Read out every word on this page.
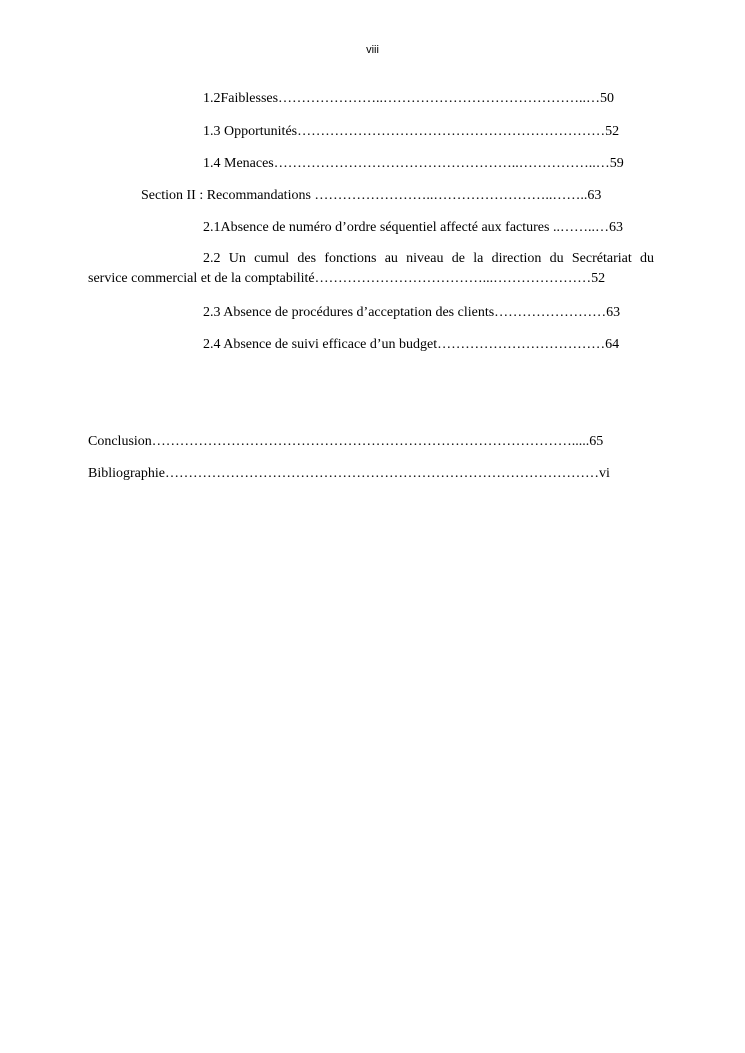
viii
1.2Faiblesses…………………..……………………………………..…50
1.3 Opportunités…………………………………………………………52
1.4 Menaces……………………………………………..……………..…59
Section II : Recommandations ……………………..……………………..……..63
2.1Absence de numéro d’ordre séquentiel affecté aux factures ..……..…63
2.2 Un cumul des fonctions au niveau de la direction du Secrétariat du
service commercial et de la comptabilité………………………………...…………………52
2.3 Absence de procédures d’acceptation des clients……………………63
2.4 Absence de suivi efficace d’un budget………………………………64
Conclusion……………………………………………………………………………….....65
Bibliographie…………………………………………………………………………………vi
